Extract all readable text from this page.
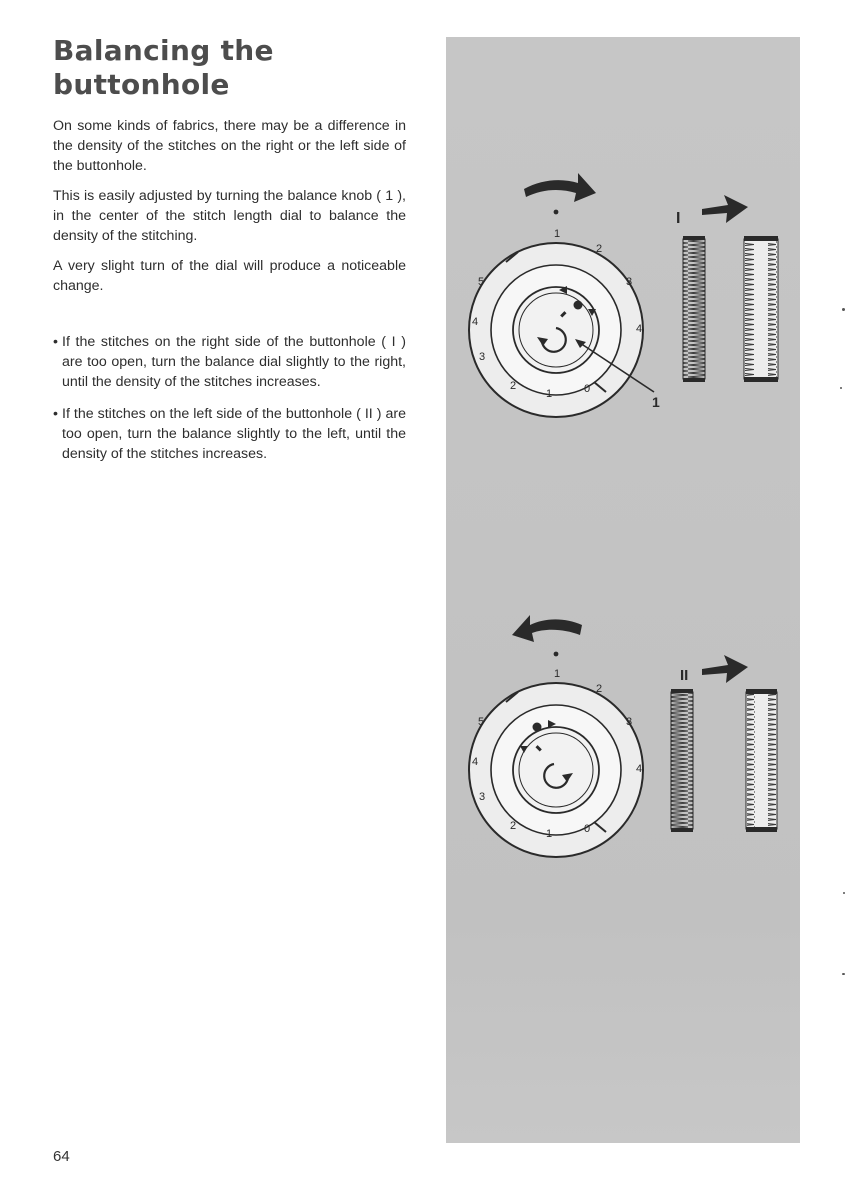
Balancing the
buttonhole

On some kinds of fabrics, there may be a difference in the density of the stitches on the right or the left side of the buttonhole.

This is easily adjusted by turning the balance knob ( 1 ), in the center of the stitch length dial to balance the density of the stitching.

A very slight turn of the dial will produce a noticeable change.

• If the stitches on the right side of the buttonhole ( I ) are too open, turn the balance dial slightly to the right, until the density of the stitches increases.
• If the stitches on the left side of the buttonhole ( II ) are too open, turn the balance slightly to the left, until the density of the stitches increases.
64
1
1
2
3
4
5
4
3
2
1	0
I
1
2
3
4
5
4
3
2
1	0
II
